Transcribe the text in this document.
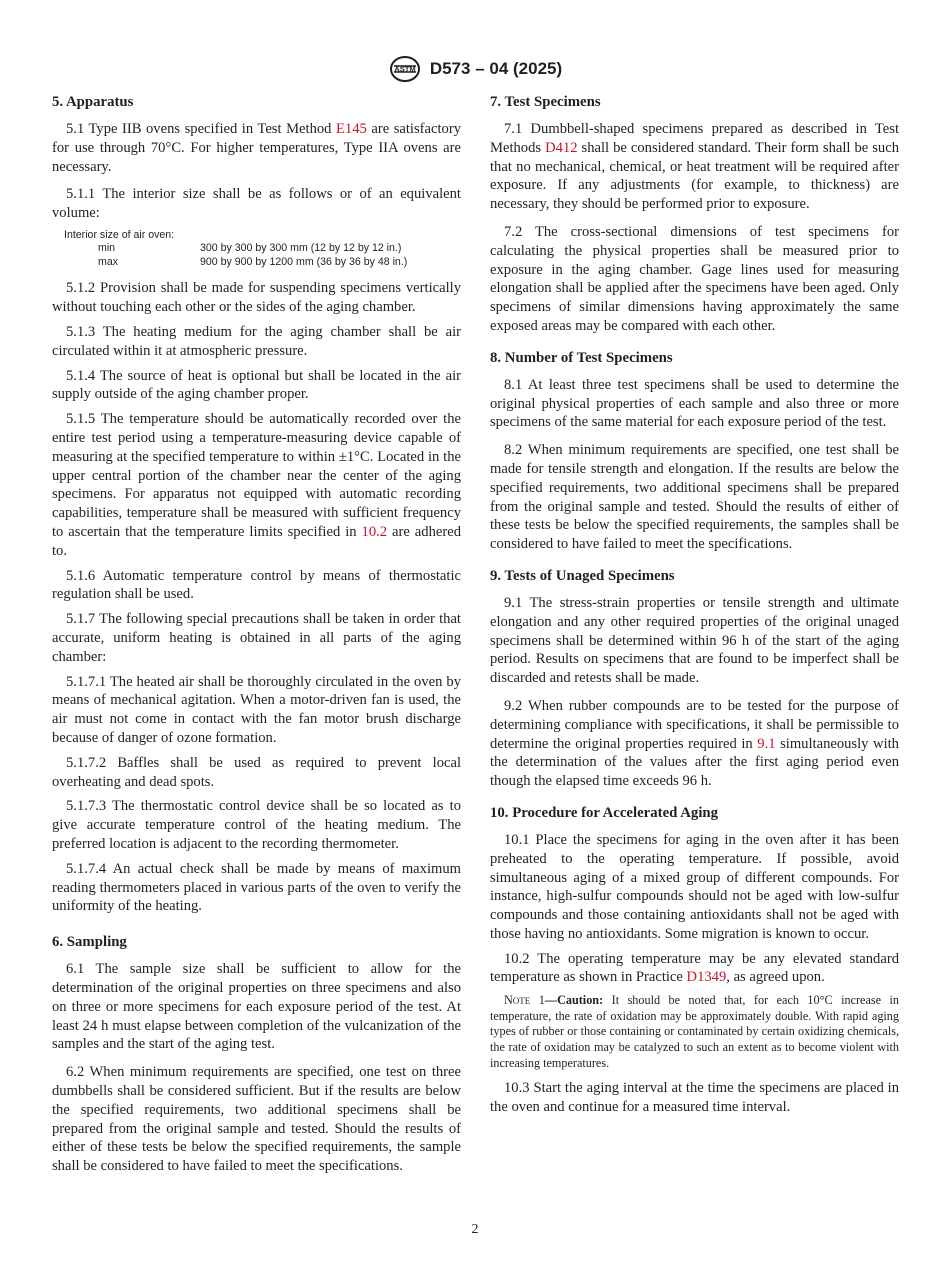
ASTM D573 – 04 (2025)
5. Apparatus

5.1 Type IIB ovens specified in Test Method E145 are satisfactory for use through 70°C. For higher temperatures, Type IIA ovens are necessary.

5.1.1 The interior size shall be as follows or of an equivalent volume:

Interior size of air oven:	
min	300 by 300 by 300 mm (12 by 12 by 12 in.)
max	900 by 900 by 1200 mm (36 by 36 by 48 in.)

5.1.2 Provision shall be made for suspending specimens vertically without touching each other or the sides of the aging chamber.

5.1.3 The heating medium for the aging chamber shall be air circulated within it at atmospheric pressure.

5.1.4 The source of heat is optional but shall be located in the air supply outside of the aging chamber proper.

5.1.5 The temperature should be automatically recorded over the entire test period using a temperature-measuring device capable of measuring at the specified temperature to within ±1°C. Located in the upper central portion of the chamber near the center of the aging specimens. For apparatus not equipped with automatic recording capabilities, temperature shall be measured with sufficient frequency to ascertain that the temperature limits specified in 10.2 are adhered to.

5.1.6 Automatic temperature control by means of thermostatic regulation shall be used.

5.1.7 The following special precautions shall be taken in order that accurate, uniform heating is obtained in all parts of the aging chamber:

5.1.7.1 The heated air shall be thoroughly circulated in the oven by means of mechanical agitation. When a motor-driven fan is used, the air must not come in contact with the fan motor brush discharge because of danger of ozone formation.

5.1.7.2 Baffles shall be used as required to prevent local overheating and dead spots.

5.1.7.3 The thermostatic control device shall be so located as to give accurate temperature control of the heating medium. The preferred location is adjacent to the recording thermometer.

5.1.7.4 An actual check shall be made by means of maximum reading thermometers placed in various parts of the oven to verify the uniformity of the heating.

6. Sampling

6.1 The sample size shall be sufficient to allow for the determination of the original properties on three specimens and also on three or more specimens for each exposure period of the test. At least 24 h must elapse between completion of the vulcanization of the samples and the start of the aging test.

6.2 When minimum requirements are specified, one test on three dumbbells shall be considered sufficient. But if the results are below the specified requirements, two additional specimens shall be prepared from the original sample and tested. Should the results of either of these tests be below the specified requirements, the sample shall be considered to have failed to meet the specifications.

7. Test Specimens

7.1 Dumbbell-shaped specimens prepared as described in Test Methods D412 shall be considered standard. Their form shall be such that no mechanical, chemical, or heat treatment will be required after exposure. If any adjustments (for example, to thickness) are necessary, they should be performed prior to exposure.

7.2 The cross-sectional dimensions of test specimens for calculating the physical properties shall be measured prior to exposure in the aging chamber. Gage lines used for measuring elongation shall be applied after the specimens have been aged. Only specimens of similar dimensions having approximately the same exposed areas may be compared with each other.

8. Number of Test Specimens

8.1 At least three test specimens shall be used to determine the original physical properties of each sample and also three or more specimens of the same material for each exposure period of the test.

8.2 When minimum requirements are specified, one test shall be made for tensile strength and elongation. If the results are below the specified requirements, two additional specimens shall be prepared from the original sample and tested. Should the results of either of these tests be below the specified requirements, the samples shall be considered to have failed to meet the specifications.

9. Tests of Unaged Specimens

9.1 The stress-strain properties or tensile strength and ultimate elongation and any other required properties of the original unaged specimens shall be determined within 96 h of the start of the aging period. Results on specimens that are found to be imperfect shall be discarded and retests shall be made.

9.2 When rubber compounds are to be tested for the purpose of determining compliance with specifications, it shall be permissible to determine the original properties required in 9.1 simultaneously with the determination of the values after the first aging period even though the elapsed time exceeds 96 h.

10. Procedure for Accelerated Aging

10.1 Place the specimens for aging in the oven after it has been preheated to the operating temperature. If possible, avoid simultaneous aging of a mixed group of different compounds. For instance, high-sulfur compounds should not be aged with low-sulfur compounds and those containing antioxidants shall not be aged with those having no antioxidants. Some migration is known to occur.

10.2 The operating temperature may be any elevated standard temperature as shown in Practice D1349, as agreed upon.

Note 1—Caution: It should be noted that, for each 10°C increase in temperature, the rate of oxidation may be approximately double. With rapid aging types of rubber or those containing or contaminated by certain oxidizing chemicals, the rate of oxidation may be catalyzed to such an extent as to become violent with increasing temperatures.

10.3 Start the aging interval at the time the specimens are placed in the oven and continue for a measured time interval.

2
